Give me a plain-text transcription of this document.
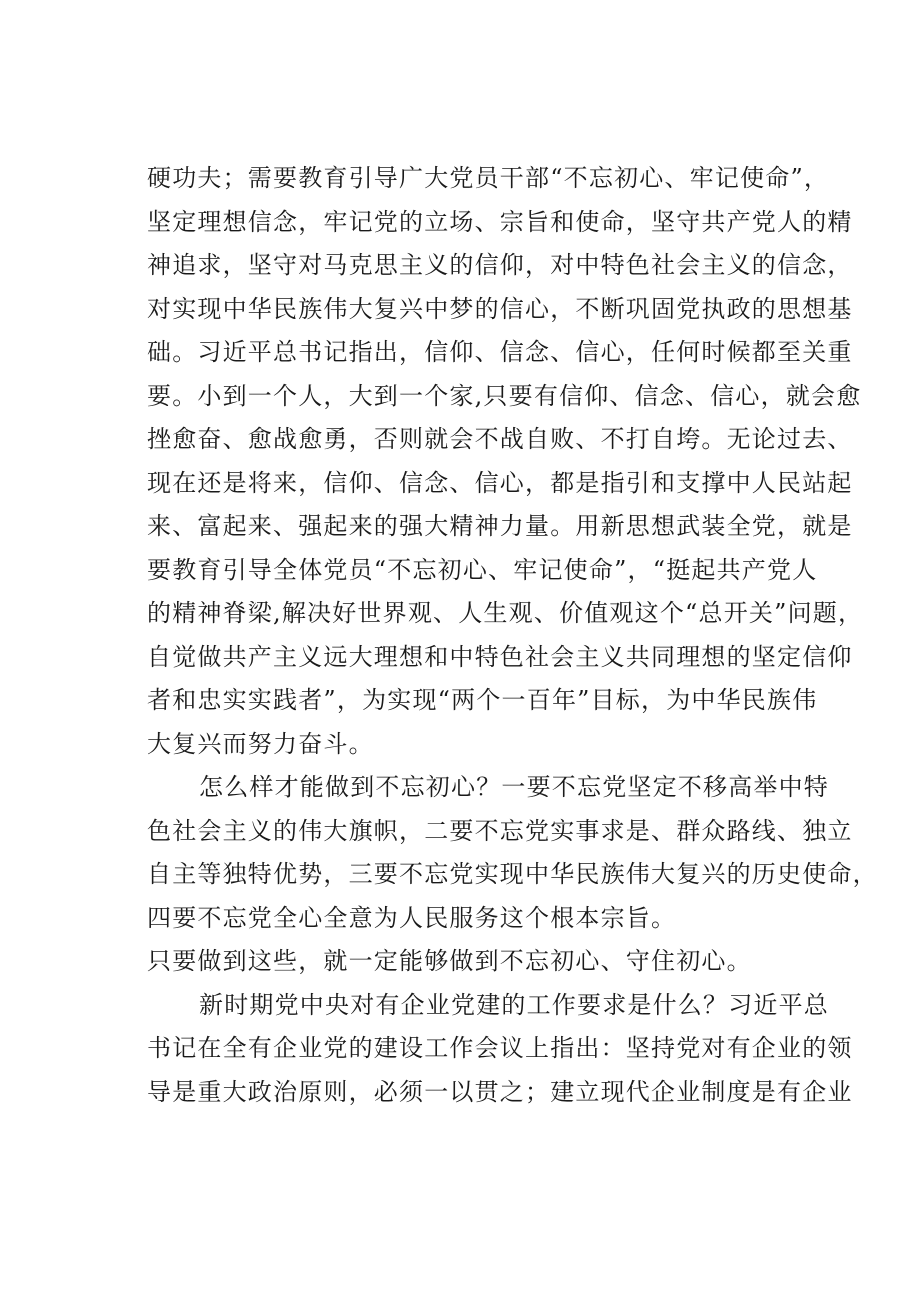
硬功夫；需要教育引导广大党员干部“不忘初心、牢记使命”，
坚定理想信念，牢记党的立场、宗旨和使命，坚守共产党人的精
神追求，坚守对马克思主义的信仰，对中特色社会主义的信念，
对实现中华民族伟大复兴中梦的信心，不断巩固党执政的思想基
础。习近平总书记指出，信仰、信念、信心，任何时候都至关重
要。小到一个人，大到一个家,只要有信仰、信念、信心，就会愈
挫愈奋、愈战愈勇，否则就会不战自败、不打自垮。无论过去、
现在还是将来，信仰、信念、信心，都是指引和支撑中人民站起
来、富起来、强起来的强大精神力量。用新思想武装全党，就是
要教育引导全体党员“不忘初心、牢记使命”，“挺起共产党人
的精神脊梁,解决好世界观、人生观、价值观这个“总开关”问题，
自觉做共产主义远大理想和中特色社会主义共同理想的坚定信仰
者和忠实实践者”，为实现“两个一百年”目标，为中华民族伟
大复兴而努力奋斗。
怎么样才能做到不忘初心？一要不忘党坚定不移高举中特
色社会主义的伟大旗帜，二要不忘党实事求是、群众路线、独立
自主等独特优势，三要不忘党实现中华民族伟大复兴的历史使命，
四要不忘党全心全意为人民服务这个根本宗旨。
只要做到这些，就一定能够做到不忘初心、守住初心。
新时期党中央对有企业党建的工作要求是什么？习近平总
书记在全有企业党的建设工作会议上指出：坚持党对有企业的领
导是重大政治原则，必须一以贯之；建立现代企业制度是有企业
